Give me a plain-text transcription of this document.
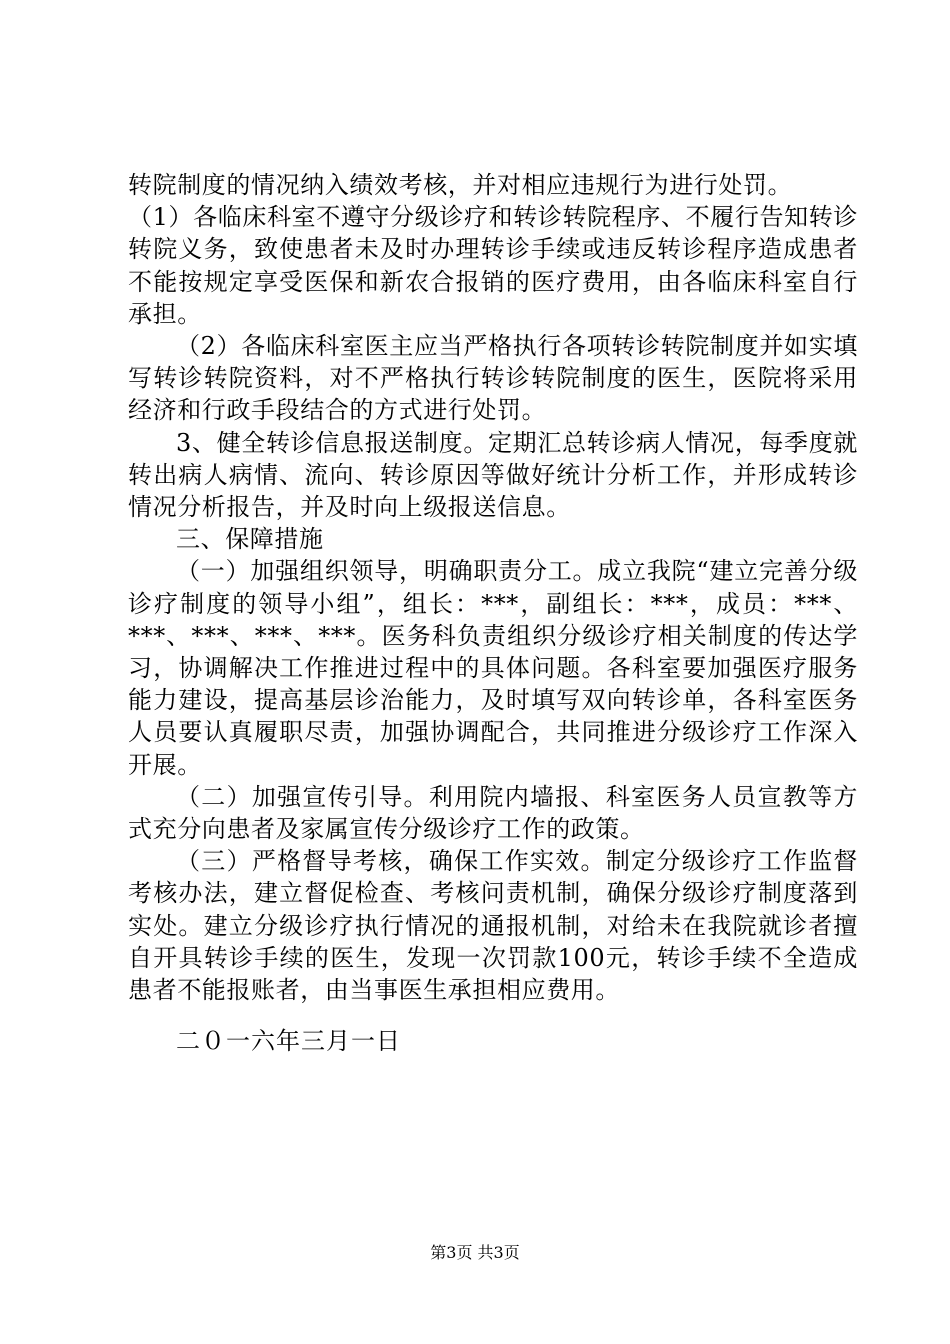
转院制度的情况纳入绩效考核，并对相应违规行为进行处罚。

（1）各临床科室不遵守分级诊疗和转诊转院程序、不履行告知转诊转院义务，致使患者未及时办理转诊手续或违反转诊程序造成患者不能按规定享受医保和新农合报销的医疗费用，由各临床科室自行承担。

（2）各临床科室医主应当严格执行各项转诊转院制度并如实填写转诊转院资料，对不严格执行转诊转院制度的医生，医院将采用经济和行政手段结合的方式进行处罚。

3、健全转诊信息报送制度。定期汇总转诊病人情况，每季度就转出病人病情、流向、转诊原因等做好统计分析工作，并形成转诊情况分析报告，并及时向上级报送信息。

三、保障措施

（一）加强组织领导，明确职责分工。成立我院“建立完善分级诊疗制度的领导小组”，组长：***，副组长：***，成员：***、***、***、***、***。医务科负责组织分级诊疗相关制度的传达学习，协调解决工作推进过程中的具体问题。各科室要加强医疗服务能力建设，提高基层诊治能力，及时填写双向转诊单，各科室医务人员要认真履职尽责，加强协调配合，共同推进分级诊疗工作深入开展。

（二）加强宣传引导。利用院内墙报、科室医务人员宣教等方式充分向患者及家属宣传分级诊疗工作的政策。

（三）严格督导考核，确保工作实效。制定分级诊疗工作监督考核办法，建立督促检查、考核问责机制，确保分级诊疗制度落到实处。建立分级诊疗执行情况的通报机制，对给未在我院就诊者擅自开具转诊手续的医生，发现一次罚款100元，转诊手续不全造成患者不能报账者，由当事医生承担相应费用。

二０一六年三月一日
第3页 共3页
